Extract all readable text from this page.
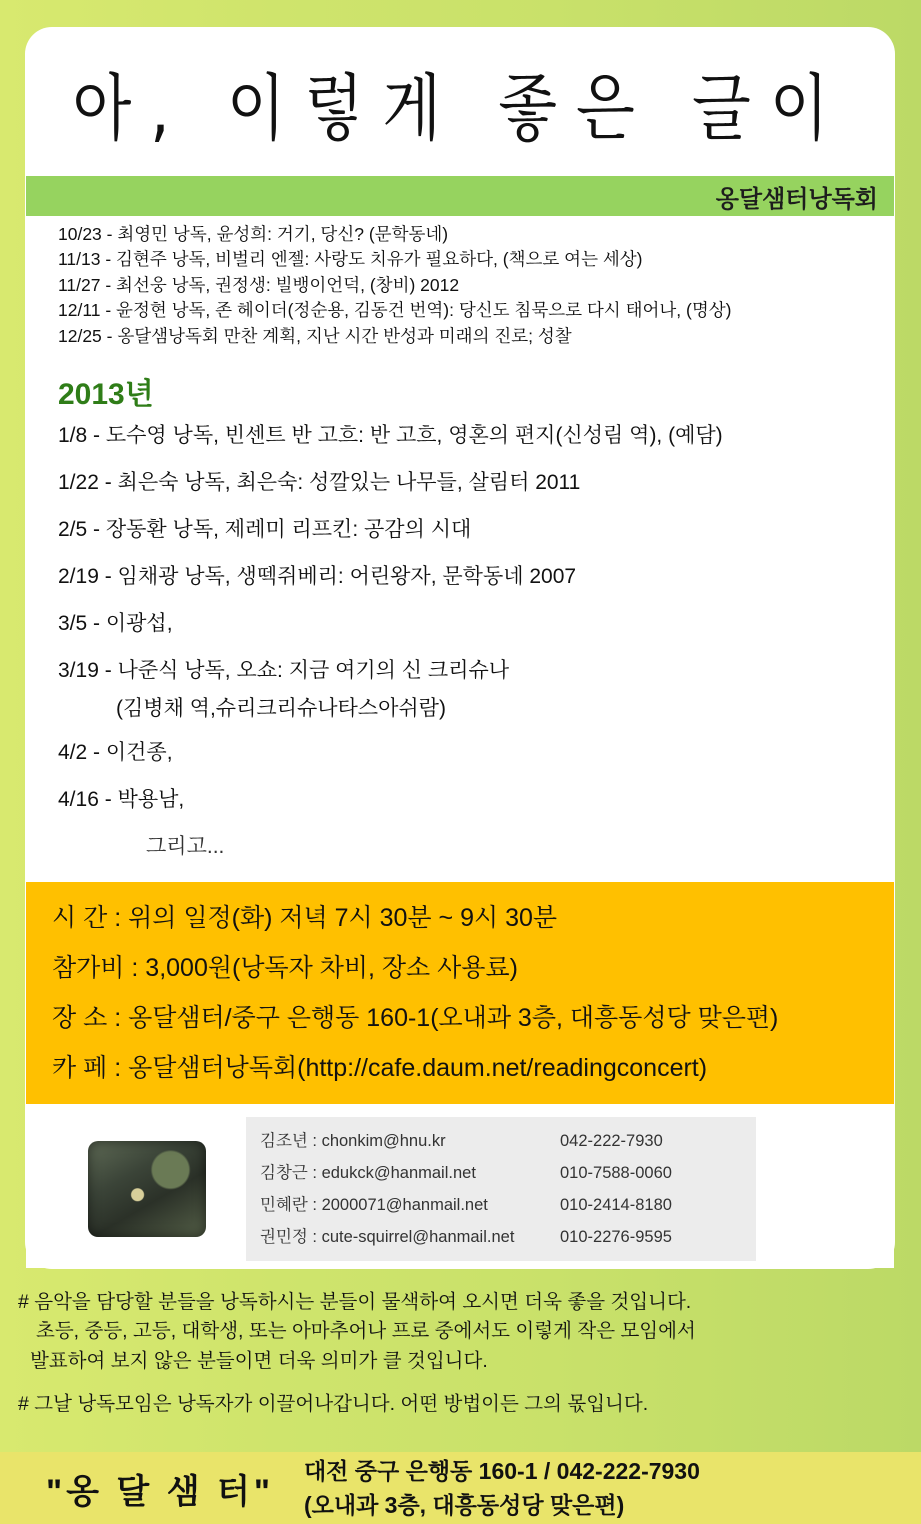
아, 이렇게 좋은 글이
옹달샘터낭독회
10/23 - 최영민 낭독, 윤성희: 거기, 당신? (문학동네)
11/13 - 김현주 낭독, 비벌리 엔젤: 사랑도 치유가 필요하다, (책으로 여는 세상)
11/27 - 최선웅 낭독, 권정생: 빌뱅이언덕, (창비) 2012
12/11 - 윤정현 낭독, 존 헤이더(정순용, 김동건 번역): 당신도 침묵으로 다시 태어나, (명상)
12/25 - 옹달샘낭독회 만찬 계획, 지난 시간 반성과 미래의 진로; 성찰
2013년
1/8 - 도수영 낭독, 빈센트 반 고흐: 반 고흐, 영혼의 편지(신성림 역), (예담)
1/22 - 최은숙 낭독, 최은숙: 성깔있는 나무들, 살림터 2011
2/5 - 장동환 낭독, 제레미 리프킨: 공감의 시대
2/19 - 임채광 낭독, 생떽쥐베리: 어린왕자, 문학동네 2007
3/5 - 이광섭,
3/19 - 나준식 낭독, 오쇼: 지금 여기의 신 크리슈나
(김병채 역,슈리크리슈나타스아쉬람)
4/2 - 이건종,
4/16 - 박용남,
그리고...
시 간 : 위의 일정(화) 저녁 7시 30분 ~ 9시 30분
참가비 : 3,000원(낭독자 차비, 장소 사용료)
장 소 : 옹달샘터/중구 은행동 160-1(오내과 3층, 대흥동성당 맞은편)
카 페 : 옹달샘터낭독회(http://cafe.daum.net/readingconcert)
김조년 : chonkim@hnu.kr	042-222-7930
김창근 : edukck@hanmail.net	010-7588-0060
민혜란 : 2000071@hanmail.net	010-2414-8180
권민정 : cute-squirrel@hanmail.net	010-2276-9595
# 음악을 담당할 분들을 낭독하시는 분들이 물색하여 오시면 더욱 좋을 것입니다.
초등, 중등, 고등, 대학생, 또는 아마추어나 프로 중에서도 이렇게 작은 모임에서
발표하여 보지 않은 분들이면 더욱 의미가 클 것입니다.
# 그날 낭독모임은 낭독자가 이끌어나갑니다. 어떤 방법이든 그의 몫입니다.
"옹 달 샘 터"
대전 중구 은행동 160-1 / 042-222-7930
(오내과 3층, 대흥동성당 맞은편)
